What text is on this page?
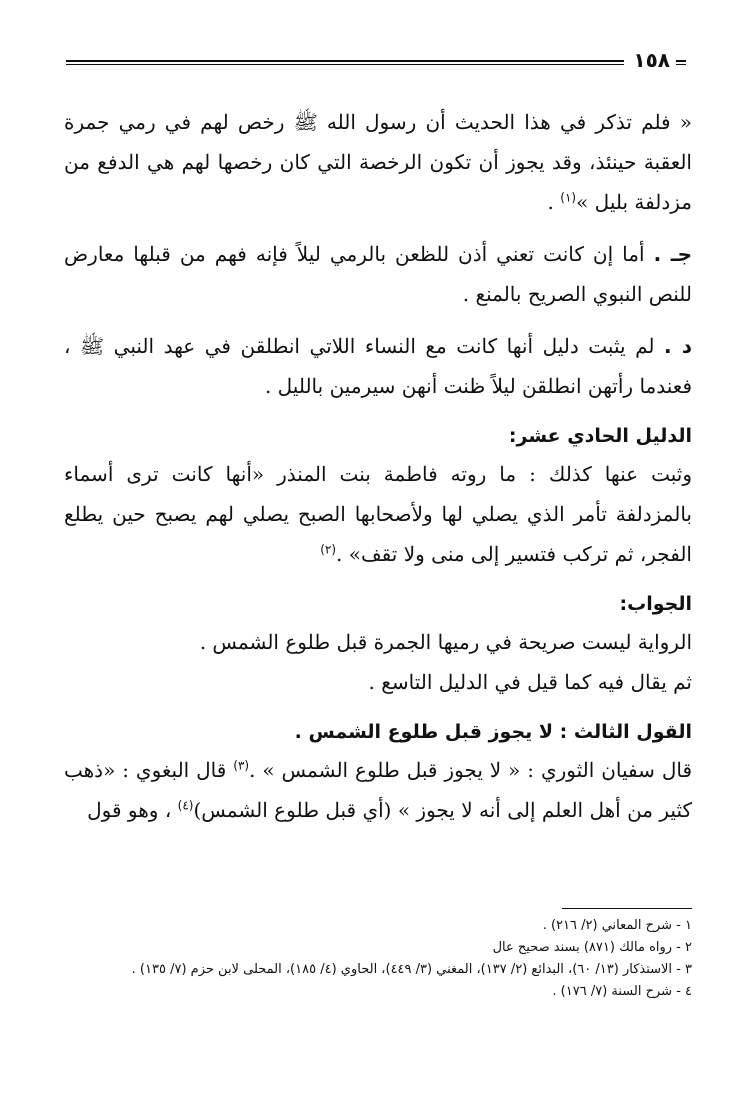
١٥٨

« فلم تذكر في هذا الحديث أن رسول الله ﷺ رخص لهم في رمي جمرة العقبة حينئذ، وقد يجوز أن تكون الرخصة التي كان رخصها لهم هي الدفع من مزدلفة بليل »$^{(١)}$ .

جـ . أما إن كانت تعني أذن للظعن بالرمي ليلاً فإنه فهم من قبلها معارض للنص النبوي الصريح بالمنع .

د . لم يثبت دليل أنها كانت مع النساء اللاتي انطلقن في عهد النبي ﷺ ، فعندما رأتهن انطلقن ليلاً ظنت أنهن سيرمين بالليل .

الدليل الحادي عشر:

وثبت عنها كذلك : ما روته فاطمة بنت المنذر «أنها كانت ترى أسماء بالمزدلفة تأمر الذي يصلي لها ولأصحابها الصبح يصلي لهم يصبح حين يطلع الفجر، ثم تركب فتسير إلى منى ولا تقف» .$^{(٢)}$

الجواب:

الرواية ليست صريحة في رميها الجمرة قبل طلوع الشمس .

ثم يقال فيه كما قيل في الدليل التاسع .

القول الثالث : لا يجوز قبل طلوع الشمس .

قال سفيان الثوري : « لا يجوز قبل طلوع الشمس » .$^{(٣)}$ قال البغوي : «ذهب كثير من أهل العلم إلى أنه لا يجوز » (أي قبل طلوع الشمس)$^{(٤)}$ ، وهو قول

١ - شرح المعاني (٢/ ٢١٦) .

٢ - رواه مالك (٨٧١) بسند صحيح عال

٣ - الاستذكار (١٣/ ٦٠)، البدائع (٢/ ١٣٧)، المغني (٣/ ٤٤٩)، الحاوي (٤/ ١٨٥)، المحلى لابن حزم (٧/ ١٣٥) .

٤ - شرح السنة (٧/ ١٧٦) .
